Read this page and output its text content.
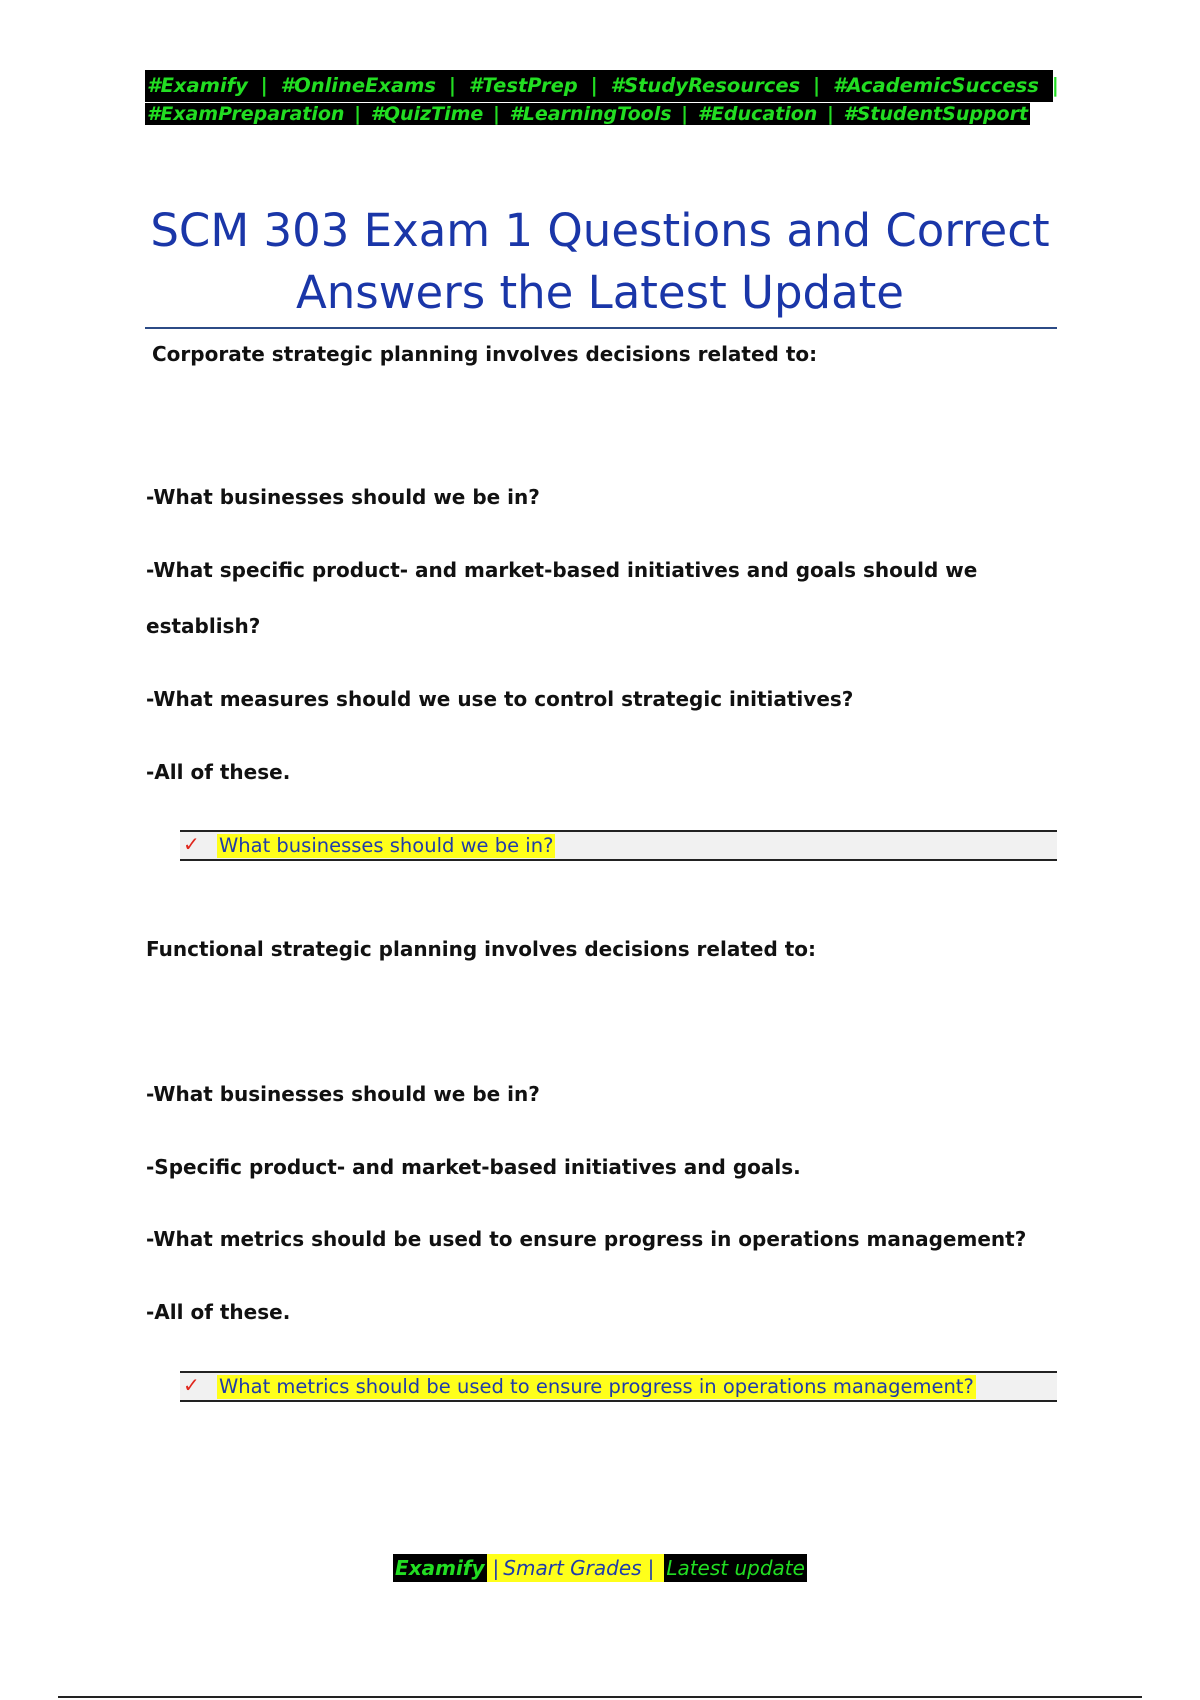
#Examify | #OnlineExams | #TestPrep | #StudyResources | #AcademicSuccess |
#ExamPreparation | #QuizTime | #LearningTools | #Education | #StudentSupport
SCM 303 Exam 1 Questions and Correct Answers the Latest Update
Corporate strategic planning involves decisions related to:
-What businesses should we be in?
-What specific product- and market-based initiatives and goals should we
establish?
-What measures should we use to control strategic initiatives?
-All of these.
✓ What businesses should we be in?
Functional strategic planning involves decisions related to:
-What businesses should we be in?
-Specific product- and market-based initiatives and goals.
-What metrics should be used to ensure progress in operations management?
-All of these.
✓ What metrics should be used to ensure progress in operations management?
Examify | Smart Grades | Latest update
